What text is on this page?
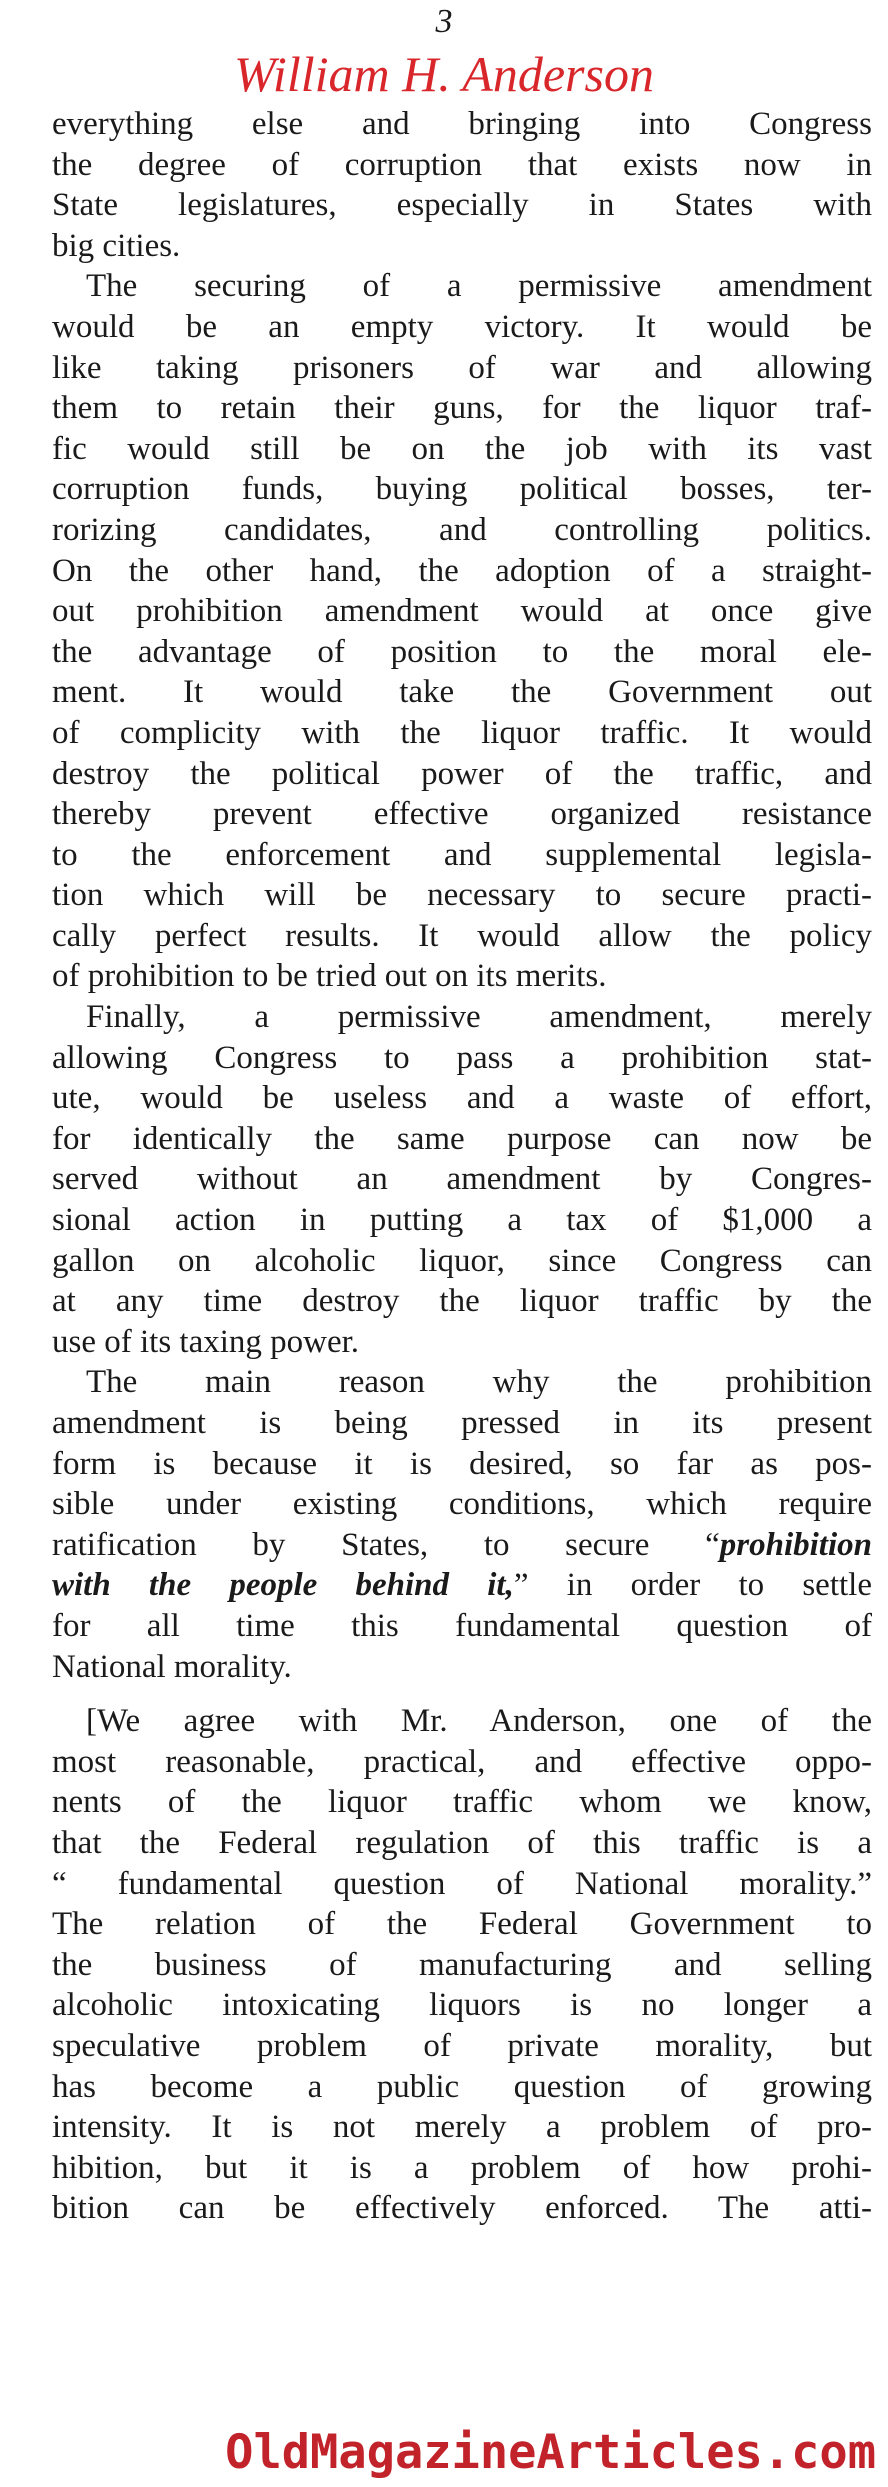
3
William H. Anderson

everything else and bringing into Congress
the degree of corruption that exists now in
State legislatures, especially in States with
big cities.

The securing of a permissive amendment
would be an empty victory. It would be
like taking prisoners of war and allowing
them to retain their guns, for the liquor traf-
fic would still be on the job with its vast
corruption funds, buying political bosses, ter-
rorizing candidates, and controlling politics.
On the other hand, the adoption of a straight-
out prohibition amendment would at once give
the advantage of position to the moral ele-
ment. It would take the Government out
of complicity with the liquor traffic. It would
destroy the political power of the traffic, and
thereby prevent effective organized resistance
to the enforcement and supplemental legisla-
tion which will be necessary to secure practi-
cally perfect results. It would allow the policy
of prohibition to be tried out on its merits.

Finally, a permissive amendment, merely
allowing Congress to pass a prohibition stat-
ute, would be useless and a waste of effort,
for identically the same purpose can now be
served without an amendment by Congres-
sional action in putting a tax of $1,000 a
gallon on alcoholic liquor, since Congress can
at any time destroy the liquor traffic by the
use of its taxing power.

The main reason why the prohibition
amendment is being pressed in its present
form is because it is desired, so far as pos-
sible under existing conditions, which require
ratification by States, to secure “prohibition
with the people behind it,” in order to settle
for all time this fundamental question of
National morality.

[We agree with Mr. Anderson, one of the
most reasonable, practical, and effective oppo-
nents of the liquor traffic whom we know,
that the Federal regulation of this traffic is a
“ fundamental question of National morality.”
The relation of the Federal Government to
the business of manufacturing and selling
alcoholic intoxicating liquors is no longer a
speculative problem of private morality, but
has become a public question of growing
intensity. It is not merely a problem of pro-
hibition, but it is a problem of how prohi-
bition can be effectively enforced. The atti-

OldMagazineArticles.com
